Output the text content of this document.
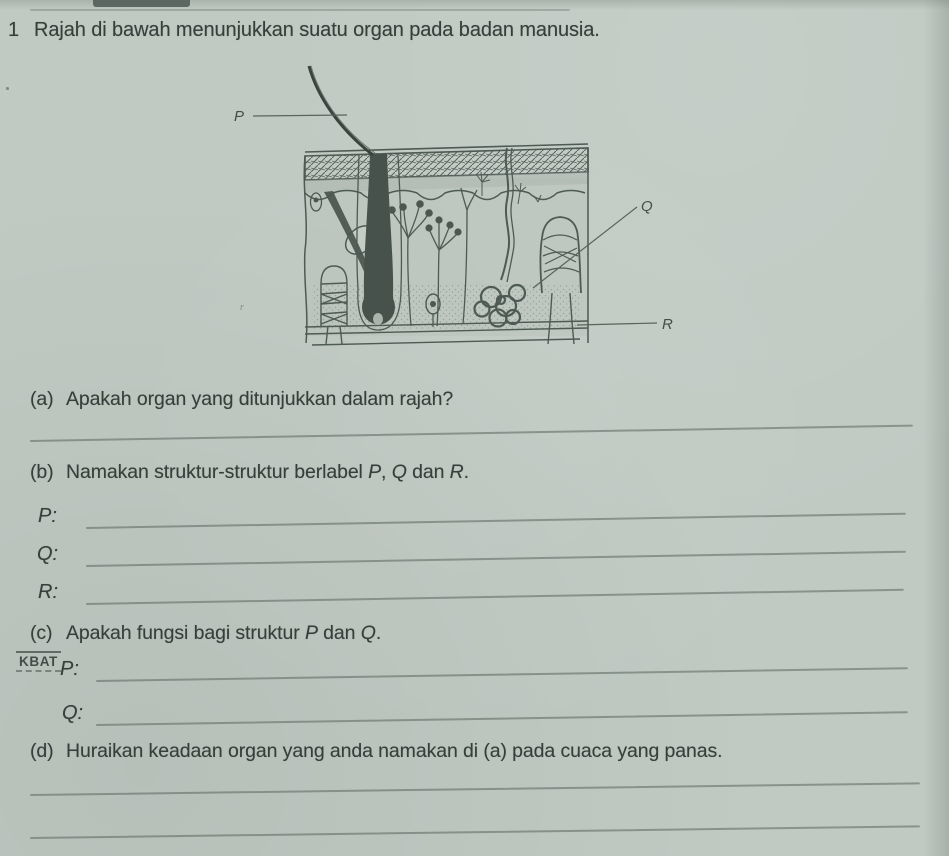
1 Rajah di bawah menunjukkan suatu organ pada badan manusia.
P
Q
R
r
(a) Apakah organ yang ditunjukkan dalam rajah?
(b) Namakan struktur-struktur berlabel P, Q dan R.
P:
Q:
R:
(c) Apakah fungsi bagi struktur P dan Q.
KBAT P:
Q:
(d) Huraikan keadaan organ yang anda namakan di (a) pada cuaca yang panas.
